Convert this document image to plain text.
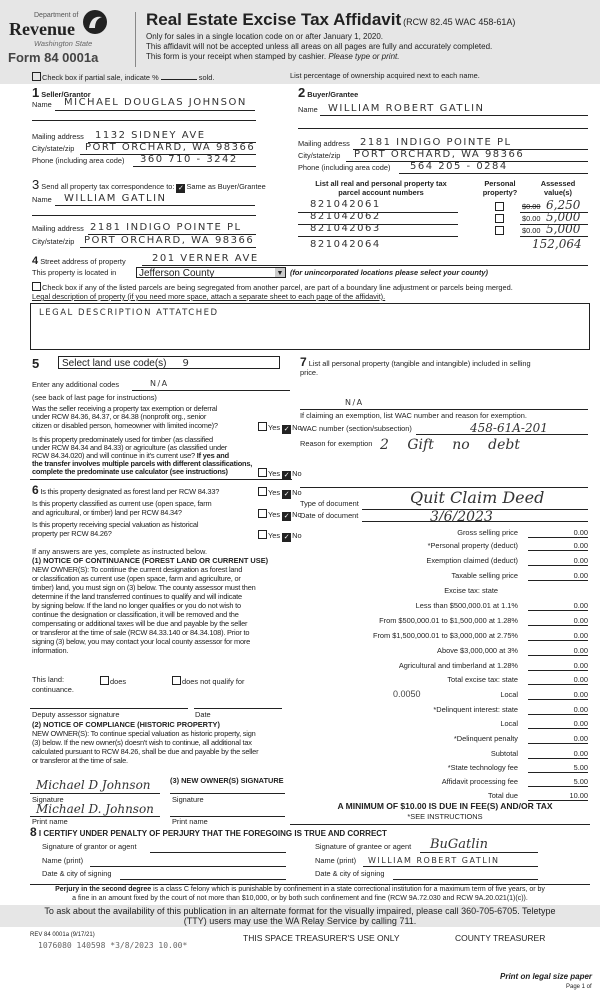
Department of
Revenue
Washington State
Form 84 0001a
Real Estate Excise Tax Affidavit (RCW 82.45 WAC 458-61A)
Only for sales in a single location code on or after January 1, 2020.
This affidavit will not be accepted unless all areas on all pages are fully and accurately completed.
This form is your receipt when stamped by cashier. Please type or print.
Check box if partial sale, indicate %	sold.	List percentage of ownership acquired next to each name.
1 Seller/Grantor
Name MICHAEL DOUGLAS JOHNSON
Mailing address 1132 SIDNEY AVE
City/state/zip PORT ORCHARD, WA 98366
Phone (including area code) 360 710 - 3242
2 Buyer/Grantee
Name WILLIAM ROBERT GATLIN
Mailing address 2181 INDIGO POINTE PL
City/state/zip PORT ORCHARD, WA 98366
Phone (including area code) 564 205 - 0284
3 Send all property tax correspondence to: ✓ Same as Buyer/Grantee
Name WILLIAM GATLIN
Mailing address 2181 INDIGO POINTE PL
City/state/zip PORT ORCHARD, WA 98366
List all real and personal property tax parcel account numbers
Personal property?
Assessed value(s)
821042061	$0.00 6,250
821042062	$0.00 5,000
821042063	$0.00 5,000
821042064	152,064
4 Street address of property	201 VERNER AVE
This property is located in	Jefferson County	▼ (for unincorporated locations please select your county)
Check box if any of the listed parcels are being segregated from another parcel, are part of a boundary line adjustment or parcels being merged.
Legal description of property (if you need more space, attach a separate sheet to each page of the affidavit).
LEGAL DESCRIPTION ATTATCHED
5	Select land use code(s) 9
Enter any additional codes	N/A
(see back of last page for instructions)
Was the seller receiving a property tax exemption or deferral
under RCW 84.36, 84.37, or 84.38 (nonprofit org., senior
citizen or disabled person, homeowner with limited income)?	Yes ✓ No
Is this property predominately used for timber (as classified
under RCW 84.34 and 84.33) or agriculture (as classified under
RCW 84.34.020) and will continue in it's current use? If yes and
the transfer involves multiple parcels with different classifications,
complete the predominate use calculator (see instructions)	Yes ✓ No
6 Is this property designated as forest land per RCW 84.33?	Yes ✓ No
Is this property classified as current use (open space, farm
and agricultural, or timber) land per RCW 84.34?	Yes ✓ No
Is this property receiving special valuation as historical
property per RCW 84.26?	Yes ✓ No
If any answers are yes, complete as instructed below.
(1) NOTICE OF CONTINUANCE (FOREST LAND OR CURRENT USE)
NEW OWNER(S): To continue the current designation as forest land
or classification as current use (open space, farm and agriculture, or
timber) land, you must sign on (3) below. The county assessor must then
determine if the land transferred continues to qualify and will indicate
by signing below. If the land no longer qualifies or you do not wish to
continue the designation or classification, it will be removed and the
compensating or additional taxes will be due and payable by the seller
or transferor at the time of sale (RCW 84.33.140 or 84.34.108). Prior to
signing (3) below, you may contact your local county assessor for more
information.
This land:	does	does not qualify for
continuance.
Deputy assessor signature	Date
(2) NOTICE OF COMPLIANCE (HISTORIC PROPERTY)
NEW OWNER(S): To continue special valuation as historic property, sign
(3) below. If the new owner(s) doesn't wish to continue, all additional tax
calculated pursuant to RCW 84.26, shall be due and payable by the seller
or transferor at the time of sale.
(3) NEW OWNER(S) SIGNATURE
Michael D Johnson
Signature	Signature
Michael D. Johnson
Print name	Print name
7 List all personal property (tangible and intangible) included in selling
price.
N/A
If claiming an exemption, list WAC number and reason for exemption.
WAC number (section/subsection)	458-61A-201
Reason for exemption 2 Gift no debt
Type of document	Quit Claim Deed
Date of document	3/6/2023
Gross selling price	0.00
*Personal property (deduct)	0.00
Exemption claimed (deduct)	0.00
Taxable selling price	0.00
Excise tax: state
Less than $500,000.01 at 1.1%	0.00
From $500,000.01 to $1,500,000 at 1.28%	0.00
From $1,500,000.01 to $3,000,000 at 2.75%	0.00
Above $3,000,000 at 3%	0.00
Agricultural and timberland at 1.28%	0.00
Total excise tax: state	0.00
0.0050	Local	0.00
*Delinquent interest: state	0.00
Local	0.00
*Delinquent penalty	0.00
Subtotal	0.00
*State technology fee	5.00
Affidavit processing fee	5.00
Total due	10.00
A MINIMUM OF $10.00 IS DUE IN FEE(S) AND/OR TAX
*SEE INSTRUCTIONS
8 I CERTIFY UNDER PENALTY OF PERJURY THAT THE FOREGOING IS TRUE AND CORRECT
Signature of grantor or agent
Name (print)
Date & city of signing
Signature of grantee or agent BuGatlin
Name (print) WILLIAM ROBERT GATLIN
Date & city of signing
Perjury in the second degree is a class C felony which is punishable by confinement in a state correctional institution for a maximum term of five years, or by
a fine in an amount fixed by the court of not more than $10,000, or by both such confinement and fine (RCW 9A.72.030 and RCW 9A.20.021(1)(c)).
To ask about the availability of this publication in an alternate format for the visually impaired, please call 360-705-6705. Teletype
(TTY) users may use the WA Relay Service by calling 711.
REV 84 0001a (9/17/21)
1076080 140598 *3/8/2023 10.00*
THIS SPACE TREASURER'S USE ONLY	COUNTY TREASURER
Print on legal size paper
Page 1 of
